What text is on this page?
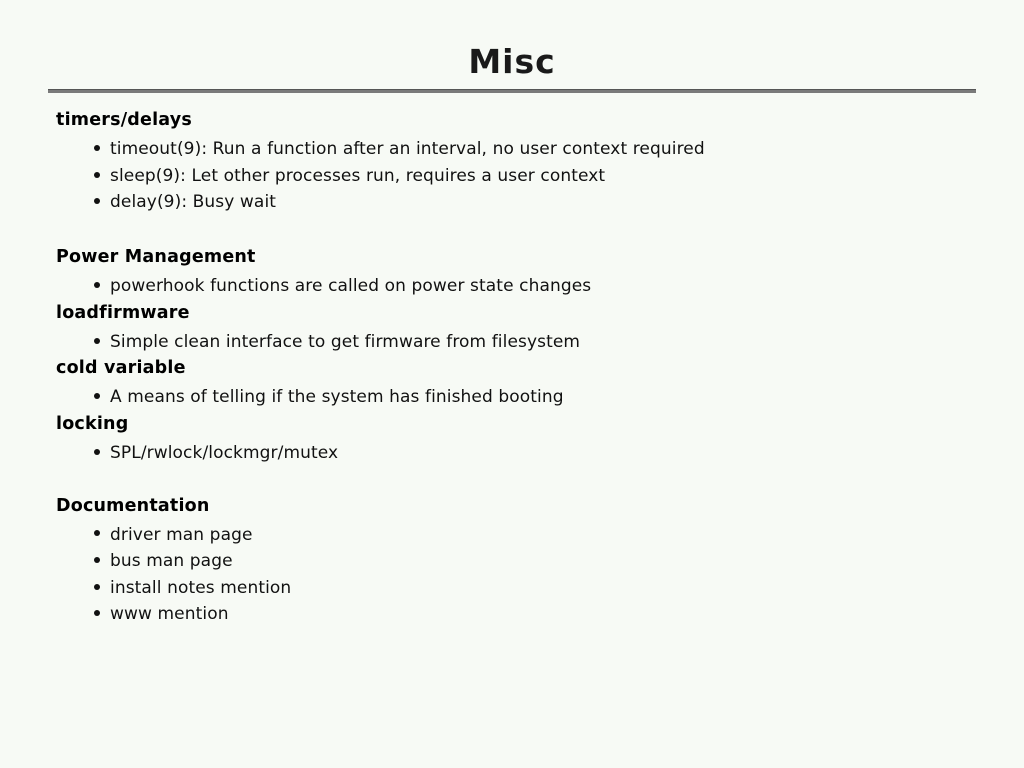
Misc
timers/delays
timeout(9): Run a function after an interval, no user context required
sleep(9): Let other processes run, requires a user context
delay(9): Busy wait
Power Management
powerhook functions are called on power state changes
loadfirmware
Simple clean interface to get firmware from filesystem
cold variable
A means of telling if the system has finished booting
locking
SPL/rwlock/lockmgr/mutex
Documentation
driver man page
bus man page
install notes mention
www mention
